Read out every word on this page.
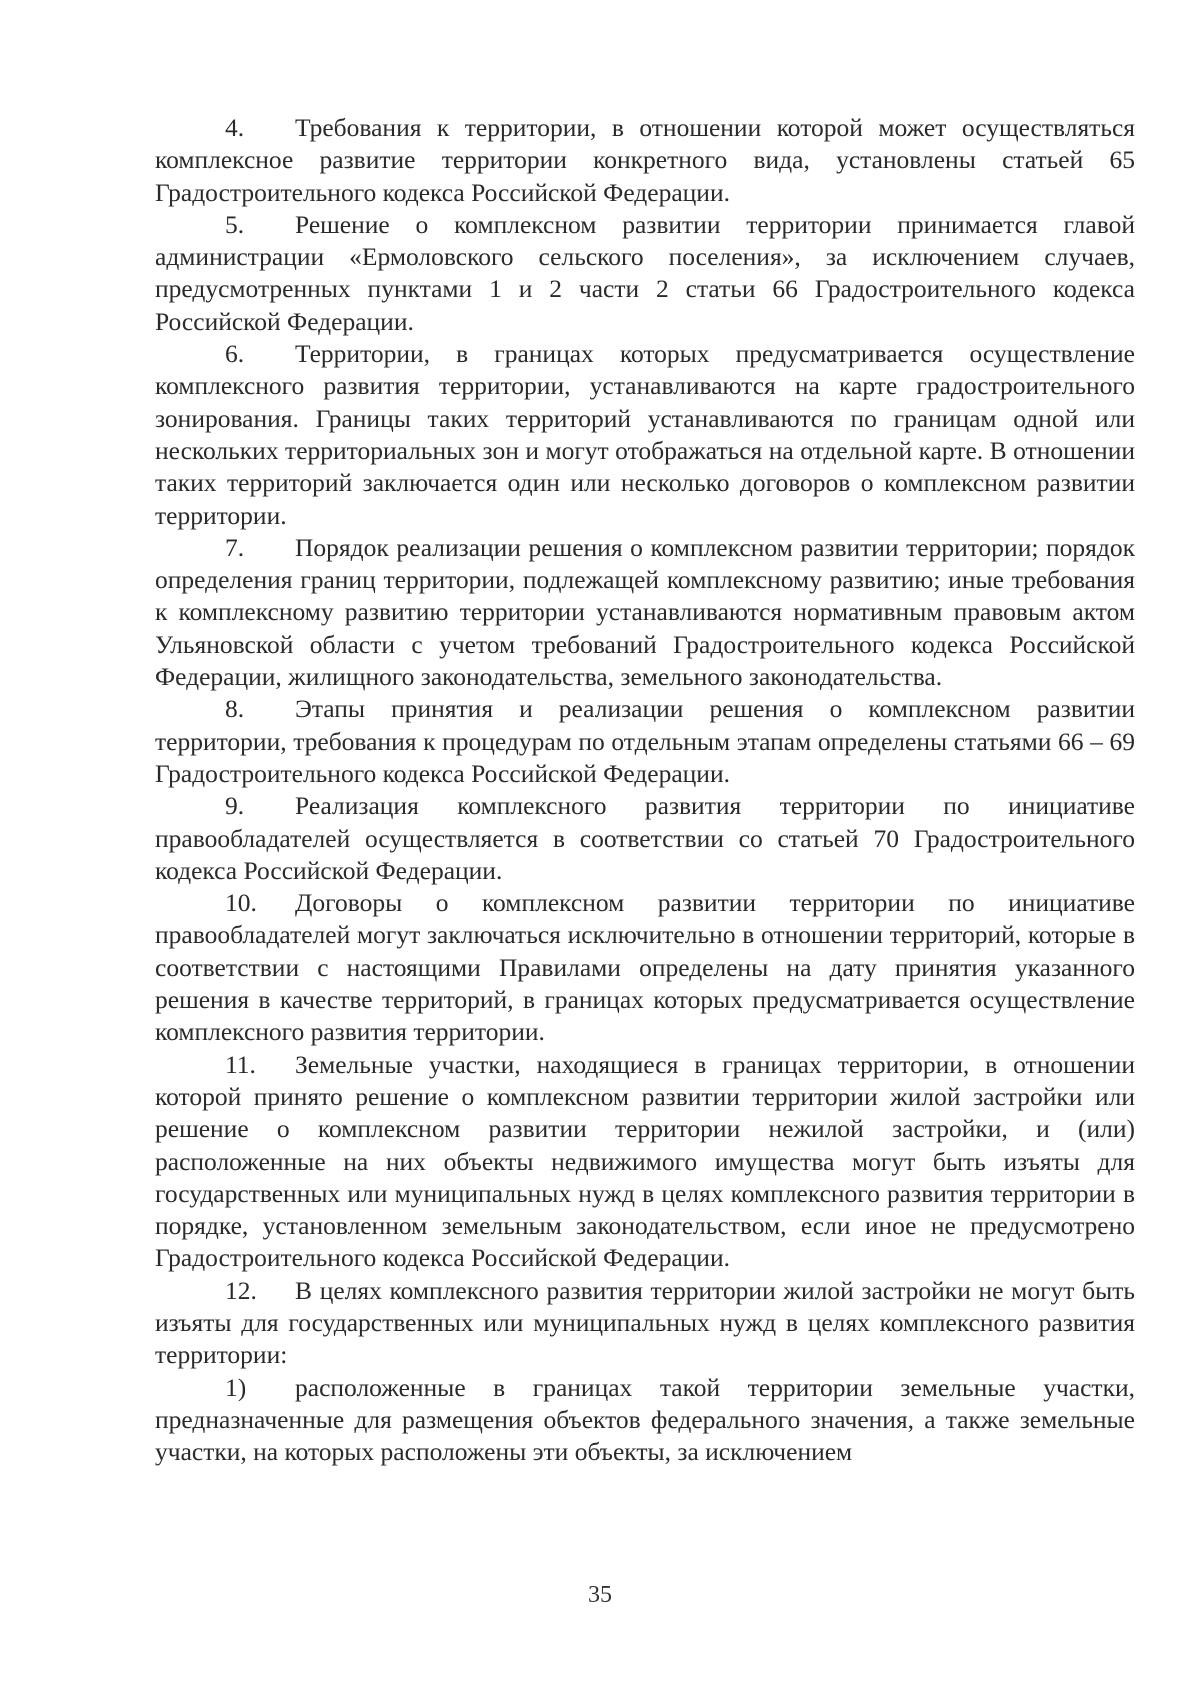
4. Требования к территории, в отношении которой может осуществляться комплексное развитие территории конкретного вида, установлены статьей 65 Градостроительного кодекса Российской Федерации.

5. Решение о комплексном развитии территории принимается главой администрации «Ермоловского сельского поселения», за исключением случаев, предусмотренных пунктами 1 и 2 части 2 статьи 66 Градостроительного кодекса Российской Федерации.

6. Территории, в границах которых предусматривается осуществление комплексного развития территории, устанавливаются на карте градостроительного зонирования. Границы таких территорий устанавливаются по границам одной или нескольких территориальных зон и могут отображаться на отдельной карте. В отношении таких территорий заключается один или несколько договоров о комплексном развитии территории.

7. Порядок реализации решения о комплексном развитии территории; порядок определения границ территории, подлежащей комплексному развитию; иные требования к комплексному развитию территории устанавливаются нормативным правовым актом Ульяновской области с учетом требований Градостроительного кодекса Российской Федерации, жилищного законодательства, земельного законодательства.

8. Этапы принятия и реализации решения о комплексном развитии территории, требования к процедурам по отдельным этапам определены статьями 66 – 69 Градостроительного кодекса Российской Федерации.

9. Реализация комплексного развития территории по инициативе правообладателей осуществляется в соответствии со статьей 70 Градостроительного кодекса Российской Федерации.

10. Договоры о комплексном развитии территории по инициативе правообладателей могут заключаться исключительно в отношении территорий, которые в соответствии с настоящими Правилами определены на дату принятия указанного решения в качестве территорий, в границах которых предусматривается осуществление комплексного развития территории.

11. Земельные участки, находящиеся в границах территории, в отношении которой принято решение о комплексном развитии территории жилой застройки или решение о комплексном развитии территории нежилой застройки, и (или) расположенные на них объекты недвижимого имущества могут быть изъяты для государственных или муниципальных нужд в целях комплексного развития территории в порядке, установленном земельным законодательством, если иное не предусмотрено Градостроительного кодекса Российской Федерации.

12. В целях комплексного развития территории жилой застройки не могут быть изъяты для государственных или муниципальных нужд в целях комплексного развития территории:

1) расположенные в границах такой территории земельные участки, предназначенные для размещения объектов федерального значения, а также земельные участки, на которых расположены эти объекты, за исключением

35
